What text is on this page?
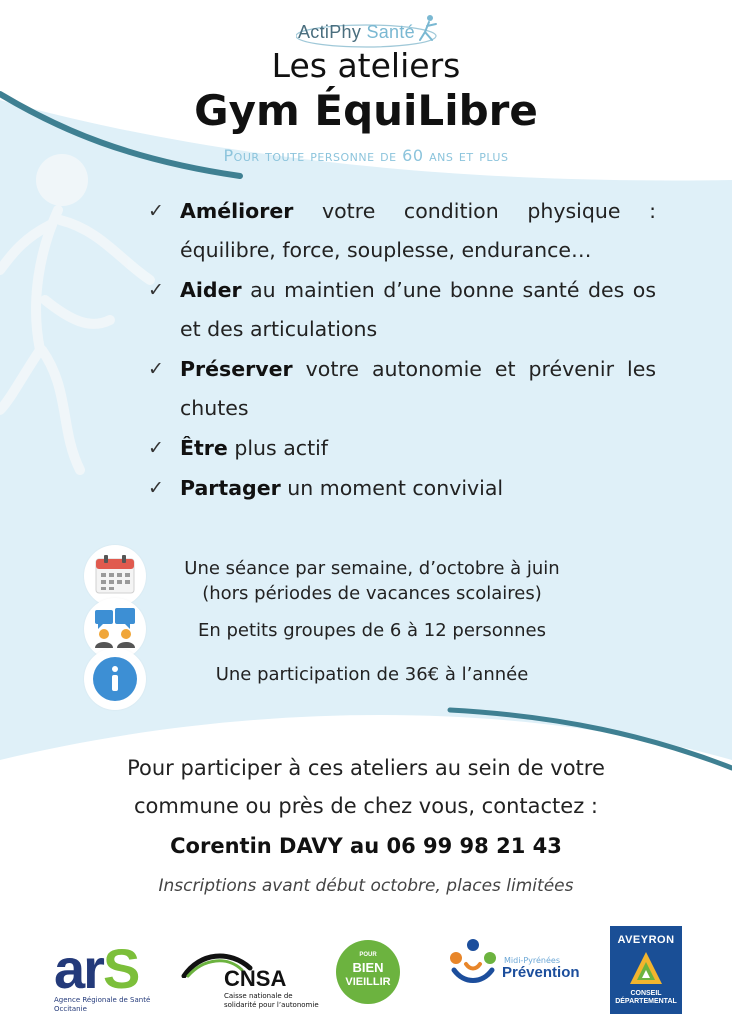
ActiPhy Santé
Les ateliers
Gym ÉquiLibre
Pour toute personne de 60 ans et plus
✓ Améliorer votre condition physique : équilibre, force, souplesse, endurance…
✓ Aider au maintien d’une bonne santé des os et des articulations
✓ Préserver votre autonomie et prévenir les chutes
✓ Être plus actif
✓ Partager un moment convivial
Une séance par semaine, d’octobre à juin
(hors périodes de vacances scolaires)
En petits groupes de 6 à 12 personnes
Une participation de 36€ à l’année
Pour participer à ces ateliers au sein de votre
commune ou près de chez vous, contactez :
Corentin DAVY au 06 99 98 21 43
Inscriptions avant début octobre, places limitées
arS
Agence Régionale de Santé
Occitanie
CNSA
Caisse nationale de
solidarité pour l’autonomie
POUR
BIEN
VIEILLIR
Midi-Pyrénées
Prévention
AVEYRON
CONSEIL
DÉPARTEMENTAL
